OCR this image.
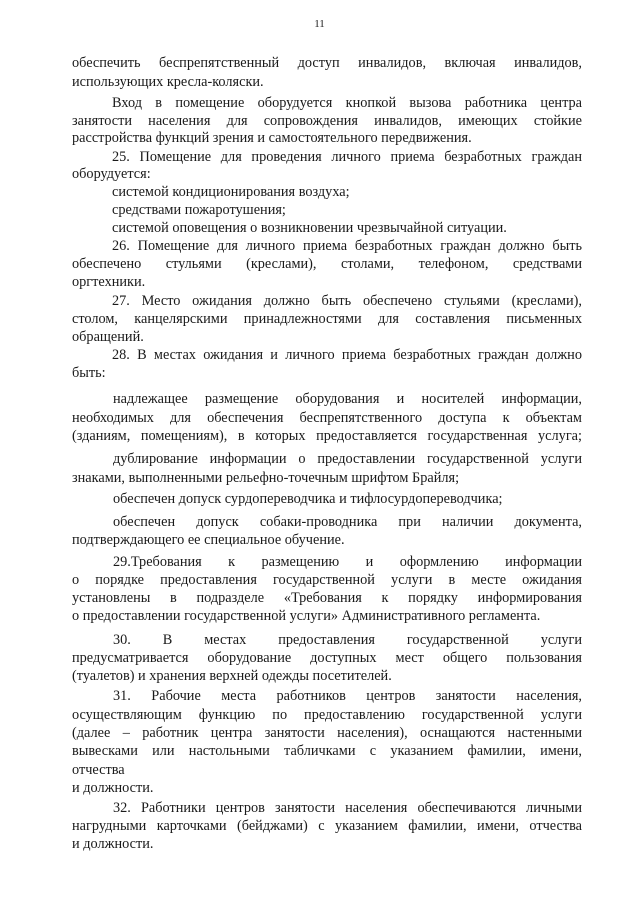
11
обеспечить беспрепятственный доступ инвалидов, включая инвалидов,
использующих кресла-коляски.
Вход в помещение оборудуется кнопкой вызова работника центра
занятости населения для сопровождения инвалидов, имеющих стойкие
расстройства функций зрения и самостоятельного передвижения.
25. Помещение для проведения личного приема безработных граждан
оборудуется:
системой кондиционирования воздуха;
средствами пожаротушения;
системой оповещения о возникновении чрезвычайной ситуации.
26. Помещение для личного приема безработных граждан должно быть
обеспечено стульями (креслами), столами, телефоном, средствами
оргтехники.
27. Место ожидания должно быть обеспечено стульями (креслами),
столом, канцелярскими принадлежностями для составления письменных
обращений.
28. В местах ожидания и личного приема безработных граждан должно
быть:
надлежащее размещение оборудования и носителей информации,
необходимых для обеспечения беспрепятственного доступа к объектам
(зданиям, помещениям), в которых предоставляется государственная услуга;
дублирование информации о предоставлении государственной услуги
знаками, выполненными рельефно-точечным шрифтом Брайля;
обеспечен допуск сурдопереводчика и тифлосурдопереводчика;
обеспечен допуск собаки-проводника при наличии документа,
подтверждающего ее специальное обучение.
29.Требования к размещению и оформлению информации
о порядке предоставления государственной услуги в месте ожидания
установлены в подразделе «Требования к порядку информирования
о предоставлении государственной услуги» Административного регламента.
30. В местах предоставления государственной услуги
предусматривается оборудование доступных мест общего пользования
(туалетов) и хранения верхней одежды посетителей.
31. Рабочие места работников центров занятости населения,
осуществляющим функцию по предоставлению государственной услуги
(далее – работник центра занятости населения), оснащаются настенными
вывесками или настольными табличками с указанием фамилии, имени,
отчества
и должности.
32. Работники центров занятости населения обеспечиваются личными
нагрудными карточками (бейджами) с указанием фамилии, имени, отчества
и должности.
